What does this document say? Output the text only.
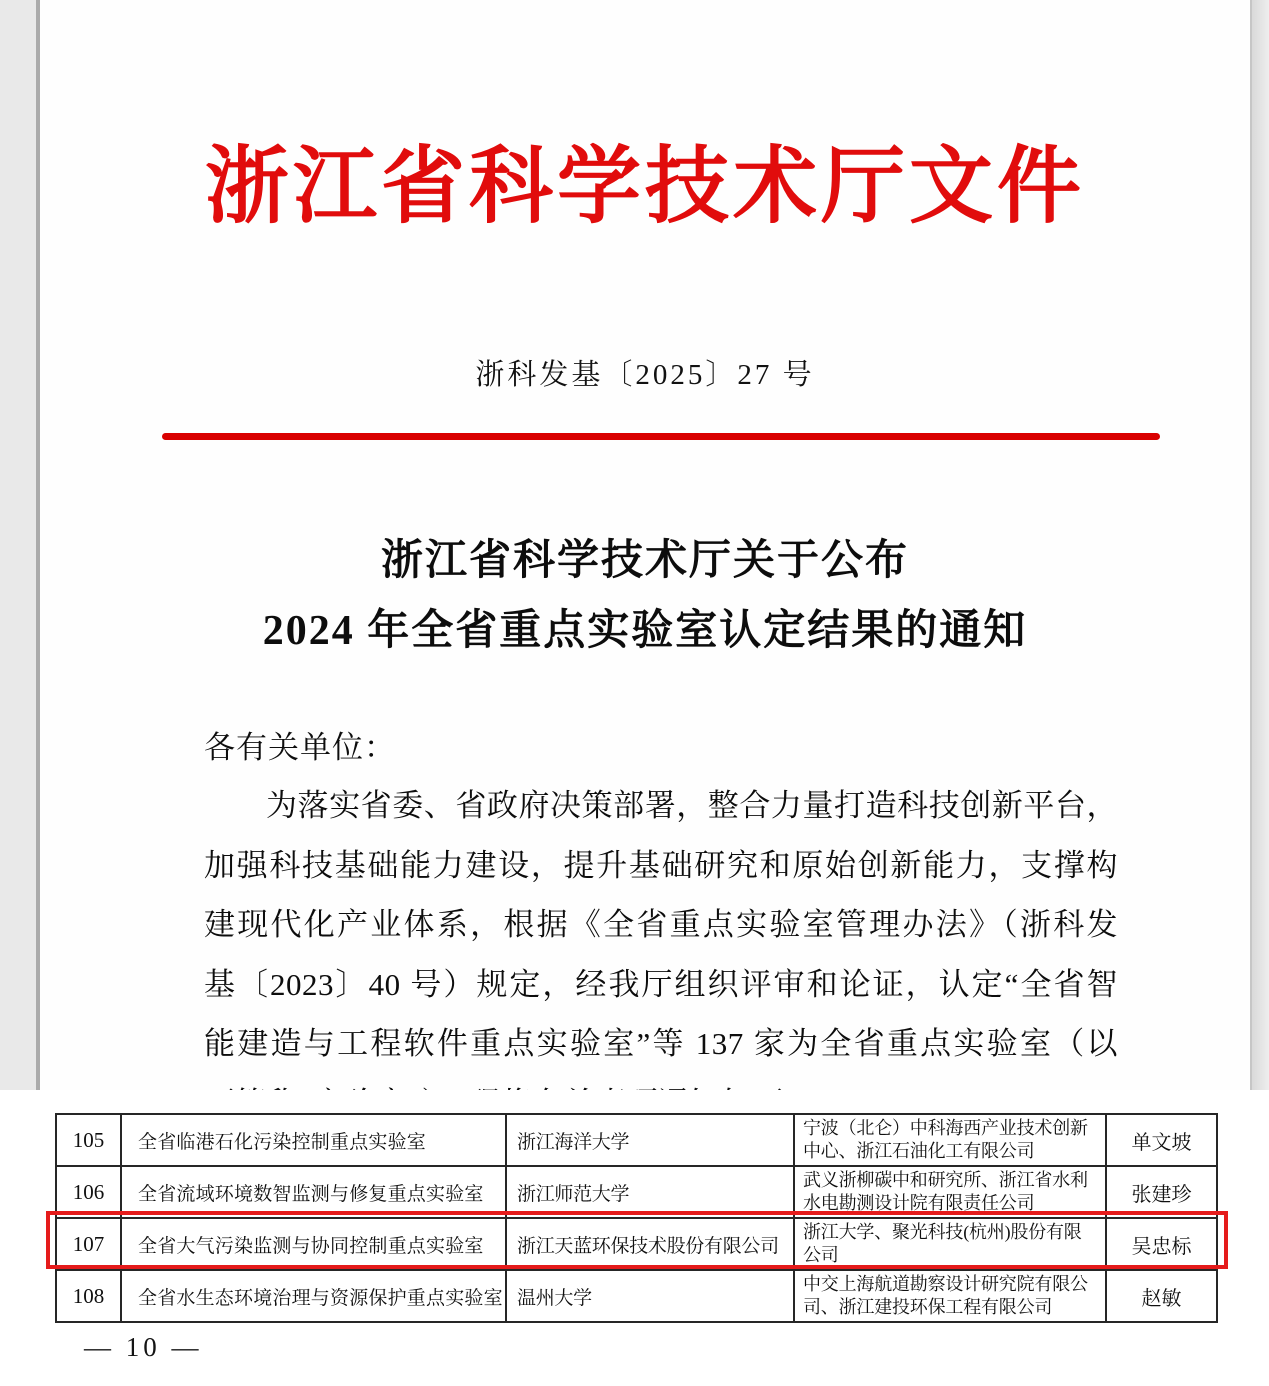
浙江省科学技术厅文件
浙科发基〔2025〕27 号
浙江省科学技术厅关于公布
2024 年全省重点实验室认定结果的通知
各有关单位：
为落实省委、省政府决策部署，整合力量打造科技创新平台，
加强科技基础能力建设，提升基础研究和原始创新能力，支撑构
建现代化产业体系，根据《全省重点实验室管理办法》（浙科发
基〔2023〕40 号）规定，经我厅组织评审和论证，认定“全省智
能建造与工程软件重点实验室”等 137 家为全省重点实验室（以
105	全省临港石化污染控制重点实验室	浙江海洋大学	宁波（北仑）中科海西产业技术创新中心、浙江石油化工有限公司	单文坡
106	全省流域环境数智监测与修复重点实验室	浙江师范大学	武义浙柳碳中和研究所、浙江省水利水电勘测设计院有限责任公司	张建珍
107	全省大气污染监测与协同控制重点实验室	浙江天蓝环保技术股份有限公司	浙江大学、聚光科技(杭州)股份有限公司	吴忠标
108	全省水生态环境治理与资源保护重点实验室	温州大学	中交上海航道勘察设计研究院有限公司、浙江建投环保工程有限公司	赵敏
— 10 —
